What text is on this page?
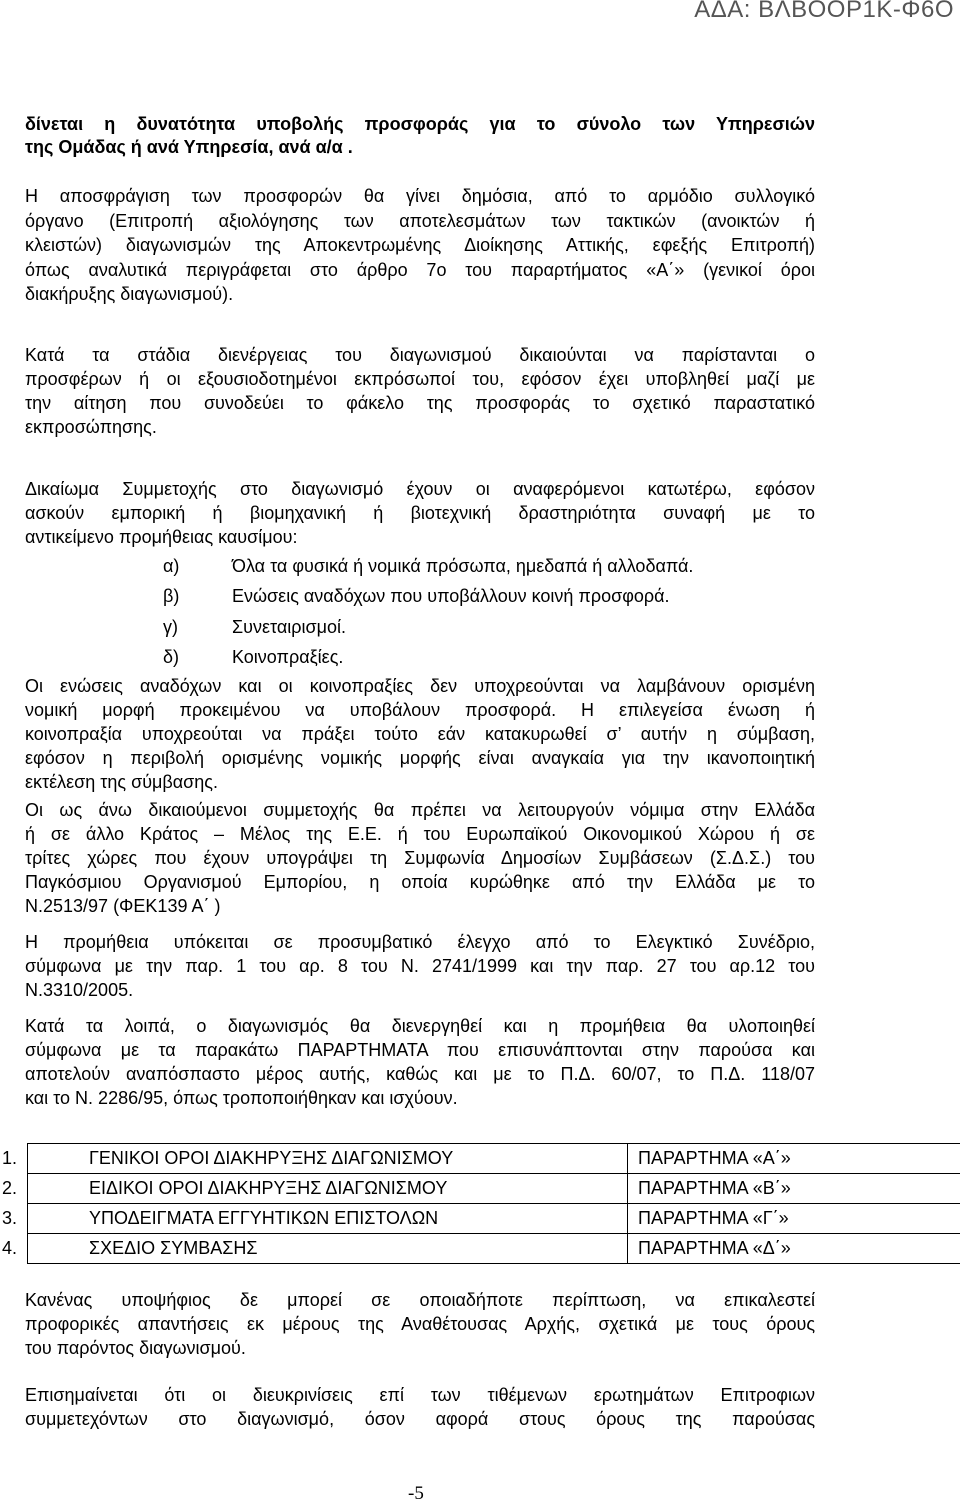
ΑΔΑ: ΒΛΒΟΟΡ1Κ-Φ6Ο
δίνεται η δυνατότητα υποβολής προσφοράς για το σύνολο των Υπηρεσιών
της Ομάδας ή ανά Υπηρεσία, ανά α/α .
Η αποσφράγιση των προσφορών θα γίνει δημόσια, από το αρμόδιο συλλογικό
όργανο (Επιτροπή αξιολόγησης των αποτελεσμάτων των τακτικών (ανοικτών ή
κλειστών) διαγωνισμών της Αποκεντρωμένης Διοίκησης Αττικής, εφεξής Επιτροπή)
όπως αναλυτικά περιγράφεται στο άρθρο 7ο του παραρτήματος «Α΄» (γενικοί όροι
διακήρυξης διαγωνισμού).
Κατά τα στάδια διενέργειας του διαγωνισμού δικαιούνται να παρίστανται ο
προσφέρων ή οι εξουσιοδοτημένοι εκπρόσωποί του, εφόσον έχει υποβληθεί μαζί με
την αίτηση που συνοδεύει το φάκελο της προσφοράς το σχετικό παραστατικό
εκπροσώπησης.
Δικαίωμα Συμμετοχής στο διαγωνισμό έχουν οι αναφερόμενοι κατωτέρω, εφόσον
ασκούν εμπορική ή βιομηχανική ή βιοτεχνική δραστηριότητα συναφή με το
αντικείμενο προμήθειας καυσίμου:
α)	Όλα τα φυσικά ή νομικά πρόσωπα, ημεδαπά ή αλλοδαπά.
β)	Ενώσεις αναδόχων που υποβάλλουν κοινή προσφορά.
γ)	Συνεταιρισμοί.
δ)	Κοινοπραξίες.
Οι ενώσεις αναδόχων και οι κοινοπραξίες δεν υποχρεούνται να λαμβάνουν ορισμένη
νομική μορφή προκειμένου να υποβάλουν προσφορά. Η επιλεγείσα ένωση ή
κοινοπραξία υποχρεούται να πράξει τούτο εάν κατακυρωθεί σ’ αυτήν η σύμβαση,
εφόσον η περιβολή ορισμένης νομικής μορφής είναι αναγκαία για την ικανοποιητική
εκτέλεση της σύμβασης.
Οι ως άνω δικαιούμενοι συμμετοχής θα πρέπει να λειτουργούν νόμιμα στην Ελλάδα
ή σε άλλο Κράτος – Μέλος της Ε.Ε. ή του Ευρωπαϊκού Οικονομικού Χώρου ή σε
τρίτες χώρες που έχουν υπογράψει τη Συμφωνία Δημοσίων Συμβάσεων (Σ.Δ.Σ.) του
Παγκόσμιου Οργανισμού Εμπορίου, η οποία κυρώθηκε από την Ελλάδα με το
Ν.2513/97 (ΦΕΚ139 Α΄ )
Η προμήθεια υπόκειται σε προσυμβατικό έλεγχο από το Ελεγκτικό Συνέδριο,
σύμφωνα με την παρ. 1 του αρ. 8 του Ν. 2741/1999 και την παρ. 27 του αρ.12 του
Ν.3310/2005.
Κατά τα λοιπά, ο διαγωνισμός θα διενεργηθεί και η προμήθεια θα υλοποιηθεί
σύμφωνα με τα παρακάτω ΠΑΡΑΡΤΗΜΑΤΑ που επισυνάπτονται στην παρούσα και
αποτελούν αναπόσπαστο μέρος αυτής, καθώς και με το Π.Δ. 60/07, το Π.Δ. 118/07
και το Ν. 2286/95, όπως τροποποιήθηκαν και ισχύουν.
1.	ΓΕΝΙΚΟΙ ΟΡΟΙ ΔΙΑΚΗΡΥΞΗΣ ΔΙΑΓΩΝΙΣΜΟΥ	ΠΑΡΑΡΤΗΜΑ «Α΄»
2.	ΕΙΔΙΚΟΙ ΟΡΟΙ ΔΙΑΚΗΡΥΞΗΣ ΔΙΑΓΩΝΙΣΜΟΥ	ΠΑΡΑΡΤΗΜΑ «Β΄»
3.	ΥΠΟΔΕΙΓΜΑΤΑ ΕΓΓΥΗΤΙΚΩΝ ΕΠΙΣΤΟΛΩΝ	ΠΑΡΑΡΤΗΜΑ «Γ΄»
4.	ΣΧΕΔΙΟ ΣΥΜΒΑΣΗΣ	ΠΑΡΑΡΤΗΜΑ «Δ΄»
Κανένας υποψήφιος δε μπορεί σε οποιαδήποτε περίπτωση, να επικαλεστεί
προφορικές απαντήσεις εκ μέρους της Αναθέτουσας Αρχής, σχετικά με τους όρους
του παρόντος διαγωνισμού.
Επισημαίνεται ότι οι διευκρινίσεις επί των τιθέμενων ερωτημάτων Επιτροφιων
συμμετεχόντων στο διαγωνισμό, όσον αφορά στους όρους της παρούσας
-5
